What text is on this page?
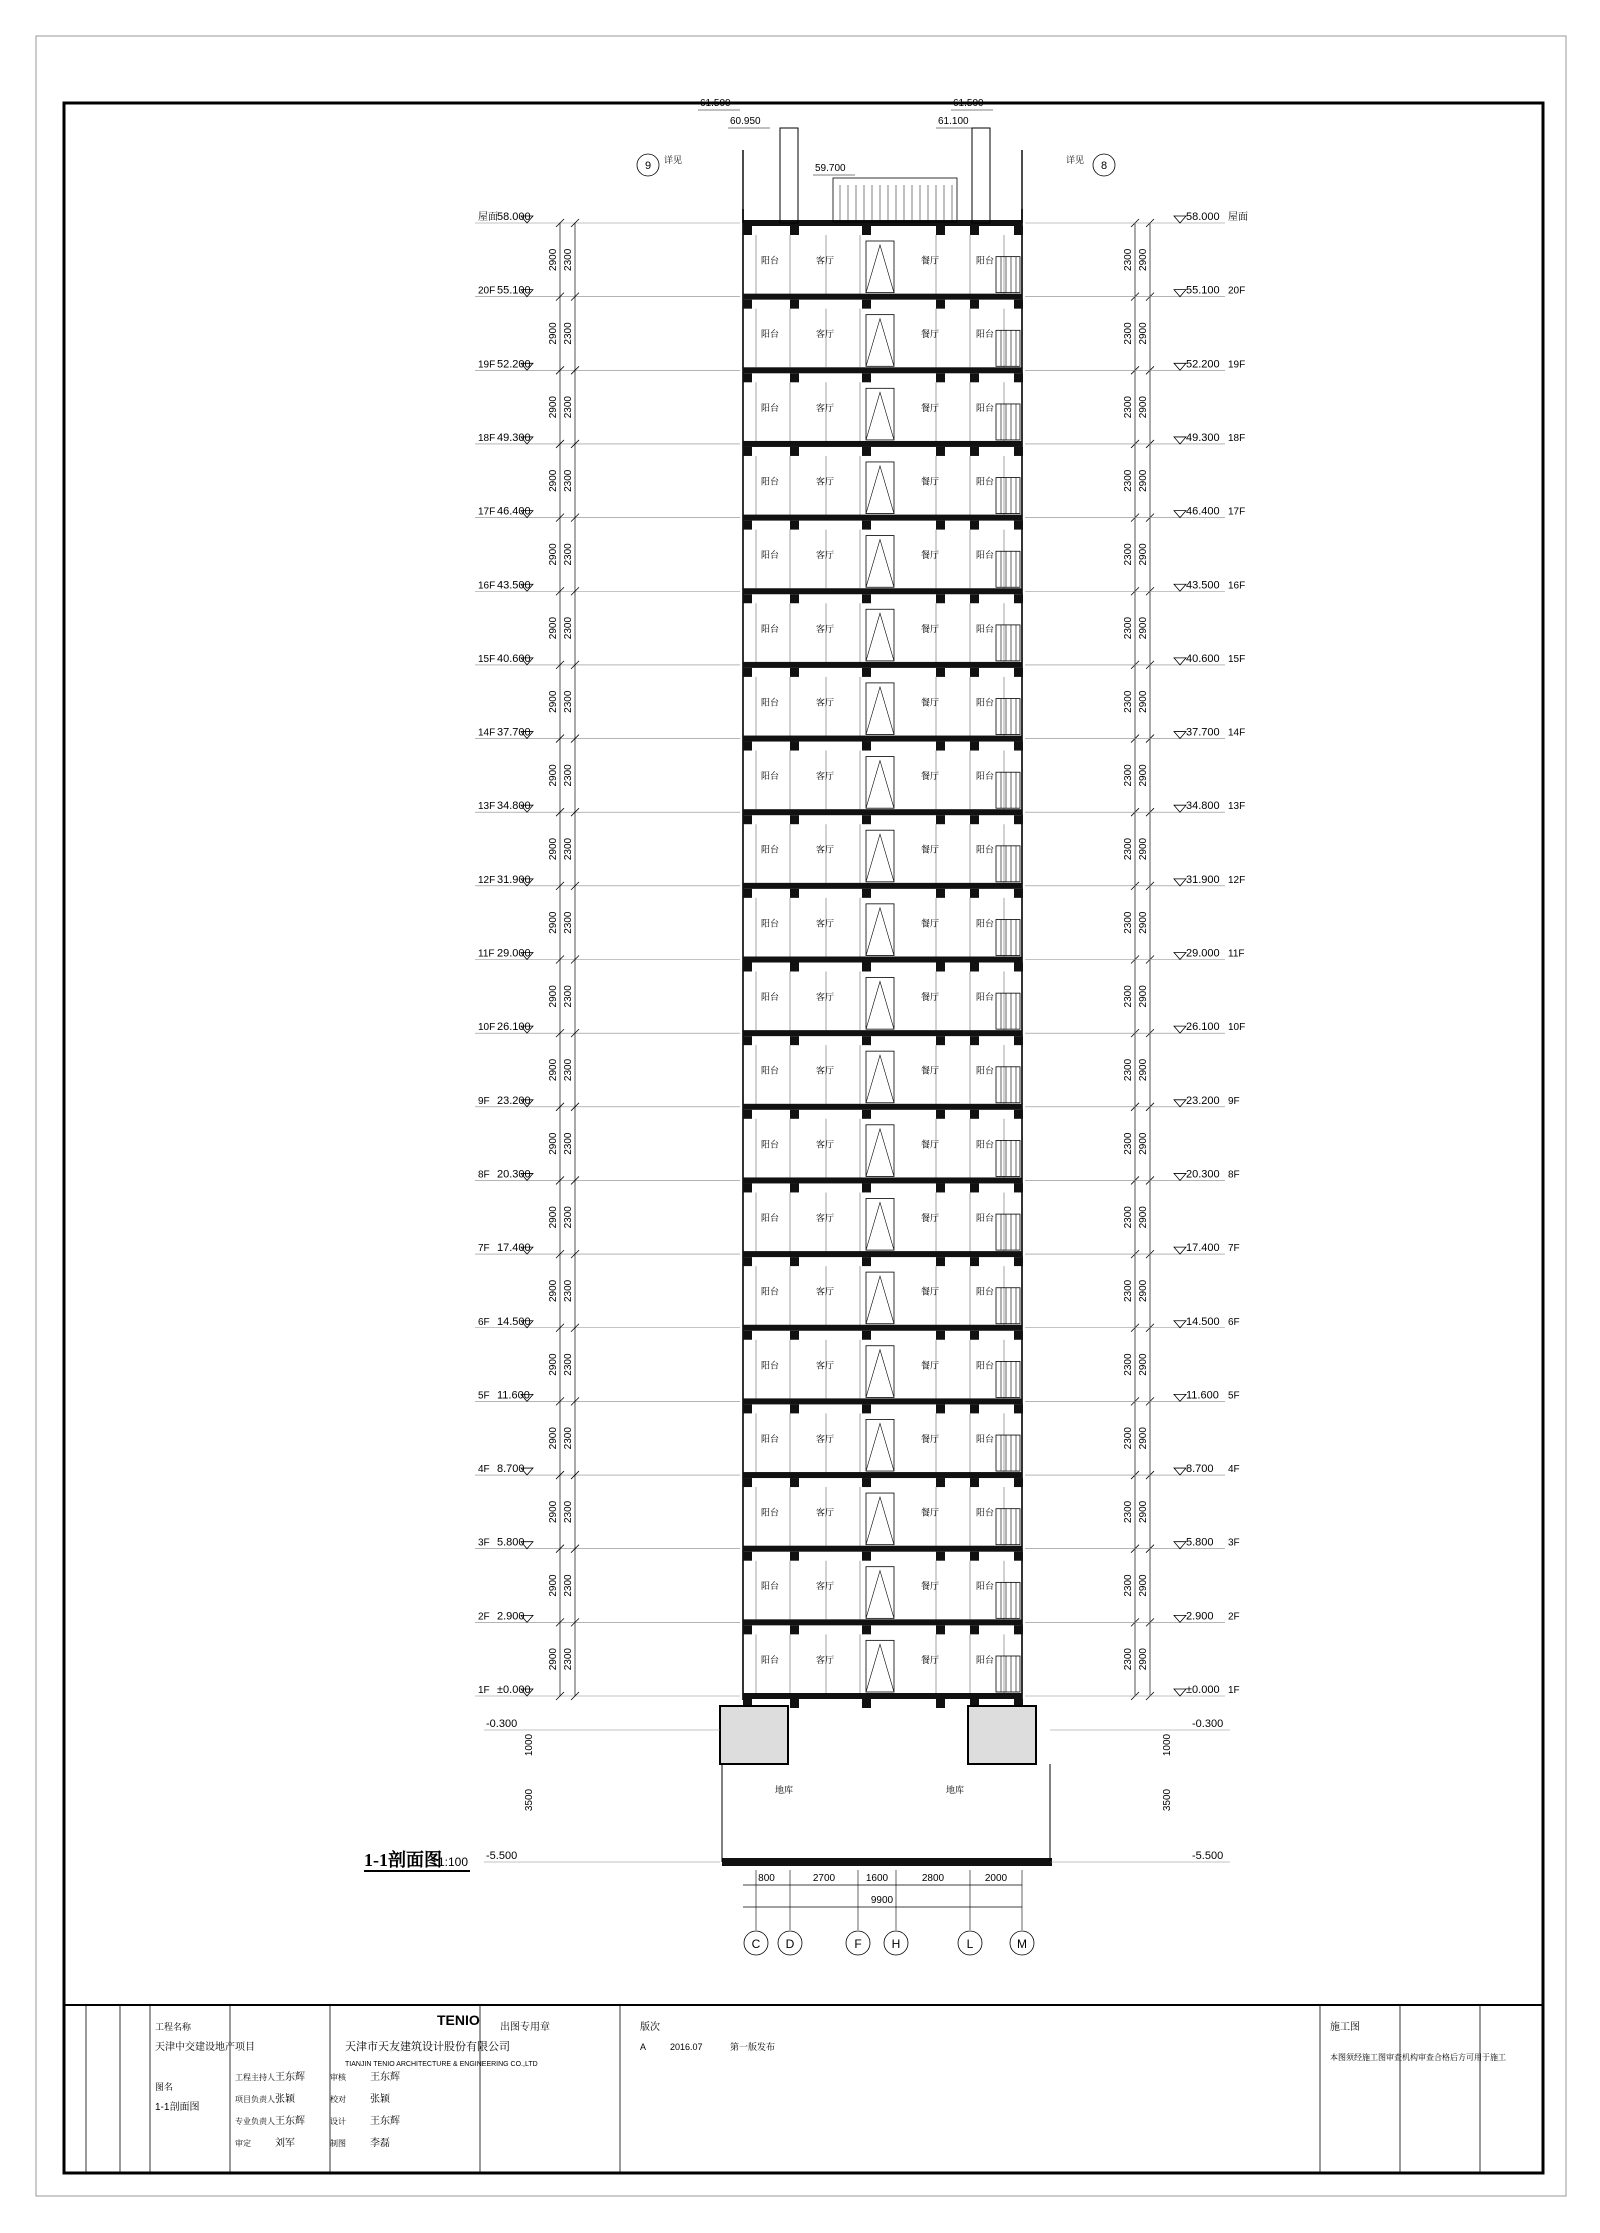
屋面 58.000
2900 2300
20F 55.100
2900 2300
19F 52.200
2900 2300
18F 49.300
2900 2300
17F 46.400
2900 2300
16F 43.500
2900 2300
15F 40.600
2900 2300
14F 37.700
2900 2300
13F 34.800
2900 2300
12F 31.900
2900 2300
11F 29.000
2900 2300
10F 26.100
2900 2300
9F 23.200
2900 2300
8F 20.300
2900 2300
7F 17.400
2900 2300
6F 14.500
2900 2300
5F 11.600
2900 2300
4F 8.700
2900 2300
3F 5.800
2900 2300
2F 2.900
2900 2300
1F ±0.000
58.000 屋面
2300 2900
55.100 20F
2300 2900
52.200 19F
2300 2900
49.300 18F
2300 2900
46.400 17F
2300 2900
43.500 16F
2300 2900
40.600 15F
2300 2900
37.700 14F
2300 2900
34.800 13F
2300 2900
31.900 12F
2300 2900
29.000 11F
2300 2900
26.100 10F
2300 2900
23.200 9F
2300 2900
20.300 8F
2300 2900
17.400 7F
2300 2900
14.500 6F
2300 2900
11.600 5F
2300 2900
8.700 4F
2300 2900
5.800 3F
2300 2900
2.900 2F
2300 2900
±0.000 1F
阳台	客厅	餐厅	阳台
阳台	客厅	餐厅	阳台
阳台	客厅	餐厅	阳台
阳台	客厅	餐厅	阳台
阳台	客厅	餐厅	阳台
阳台	客厅	餐厅	阳台
阳台	客厅	餐厅	阳台
阳台	客厅	餐厅	阳台
阳台	客厅	餐厅	阳台
阳台	客厅	餐厅	阳台
阳台	客厅	餐厅	阳台
阳台	客厅	餐厅	阳台
阳台	客厅	餐厅	阳台
阳台	客厅	餐厅	阳台
阳台	客厅	餐厅	阳台
阳台	客厅	餐厅	阳台
阳台	客厅	餐厅	阳台
阳台	客厅	餐厅	阳台
阳台	客厅	餐厅	阳台
阳台	客厅	餐厅	阳台
地库	地库
-0.300	-0.300
-5.500	-5.500
1000
3500
1000
3500
61.500
60.950	61.100
61.500
59.700
9 详见	8
详见
800	2700	1600	2800	2000
9900
C D	F H	L	M
1-1剖面图
1:100
TENIO
天津市天友建筑设计股份有限公司
TIANJIN TENIO ARCHITECTURE & ENGINEERING CO.,LTD
工程主持人 王东辉
项目负责人 张颖
专业负责人 王东辉
审定 刘军
审核 王东辉
校对 张颖
设计 王东辉
制图 李磊
工程名称
天津中交建设地产项目
图名
1-1剖面图
出图专用章	版次
A	2016.07	第一版发布
施工图
本图须经施工图审查机构审查合格后方可用于施工
